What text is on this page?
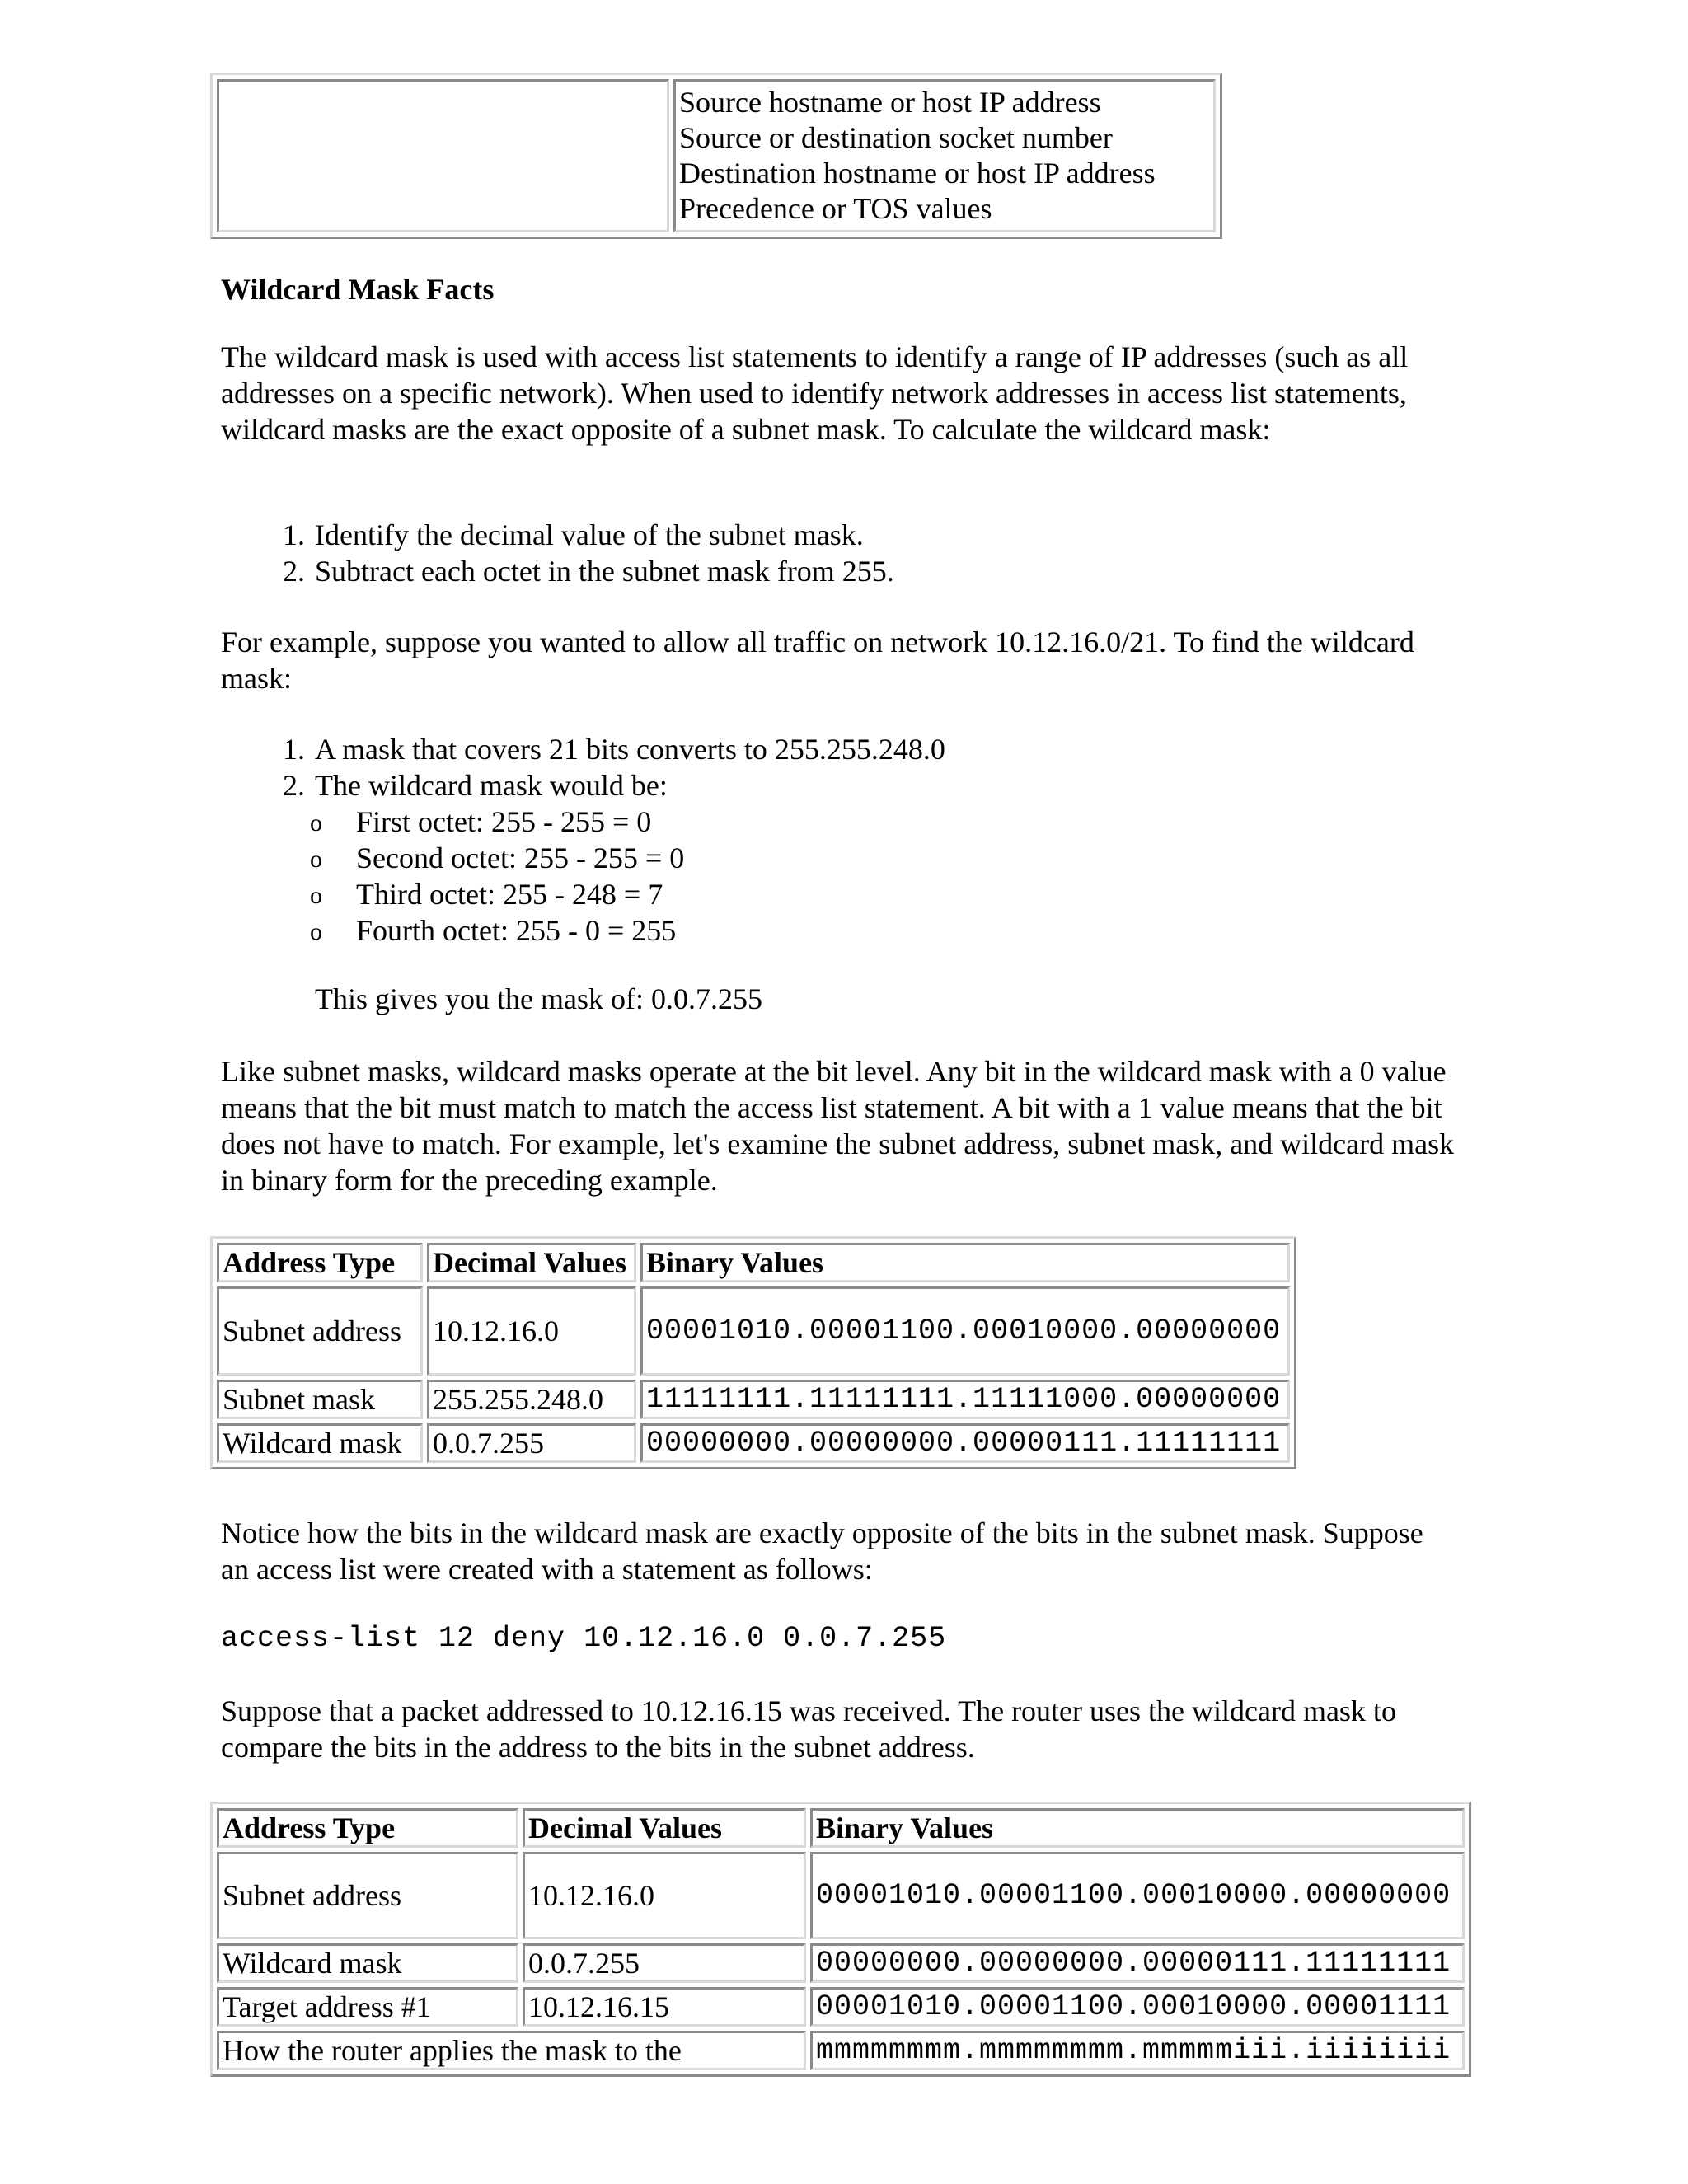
Source hostname or host IP address
Source or destination socket number
Destination hostname or host IP address
Precedence or TOS values
Wildcard Mask Facts
The wildcard mask is used with access list statements to identify a range of IP addresses (such as all addresses on a specific network). When used to identify network addresses in access list statements, wildcard masks are the exact opposite of a subnet mask. To calculate the wildcard mask:
1. Identify the decimal value of the subnet mask.
2. Subtract each octet in the subnet mask from 255.
For example, suppose you wanted to allow all traffic on network 10.12.16.0/21. To find the wildcard mask:
1. A mask that covers 21 bits converts to 255.255.248.0
2. The wildcard mask would be:
o First octet: 255 - 255 = 0
o Second octet: 255 - 255 = 0
o Third octet: 255 - 248 = 7
o Fourth octet: 255 - 0 = 255
This gives you the mask of: 0.0.7.255
Like subnet masks, wildcard masks operate at the bit level. Any bit in the wildcard mask with a 0 value means that the bit must match to match the access list statement. A bit with a 1 value means that the bit does not have to match. For example, let's examine the subnet address, subnet mask, and wildcard mask in binary form for the preceding example.
Address Type	Decimal Values	Binary Values
Subnet address	10.12.16.0	00001010.00001100.00010000.00000000
Subnet mask	255.255.248.0	11111111.11111111.11111000.00000000
Wildcard mask	0.0.7.255	00000000.00000000.00000111.11111111
Notice how the bits in the wildcard mask are exactly opposite of the bits in the subnet mask. Suppose an access list were created with a statement as follows:
access-list 12 deny 10.12.16.0 0.0.7.255
Suppose that a packet addressed to 10.12.16.15 was received. The router uses the wildcard mask to compare the bits in the address to the bits in the subnet address.
Address Type	Decimal Values	Binary Values
Subnet address	10.12.16.0	00001010.00001100.00010000.00000000
Wildcard mask	0.0.7.255	00000000.00000000.00000111.11111111
Target address #1	10.12.16.15	00001010.00001100.00010000.00001111
How the router applies the mask to the		mmmmmmmm.mmmmmmmm.mmmmmiii.iiiiiiii
